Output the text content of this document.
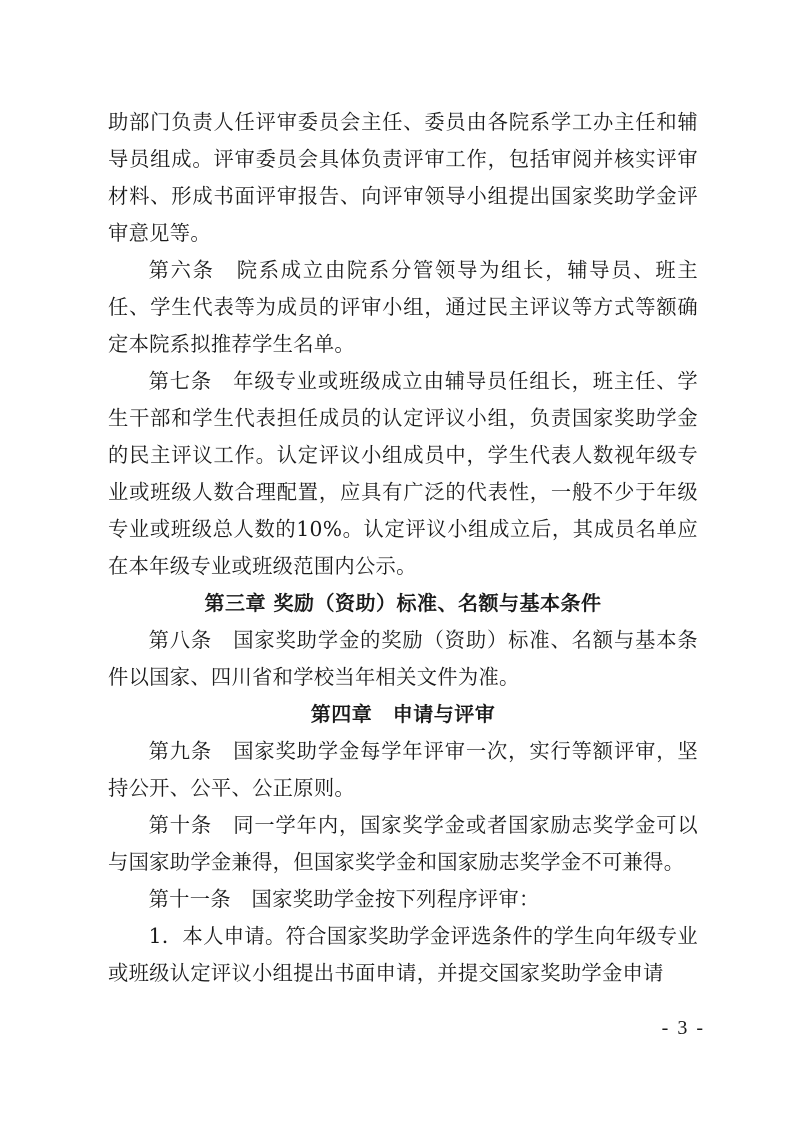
助部门负责人任评审委员会主任、委员由各院系学工办主任和辅导员组成。评审委员会具体负责评审工作，包括审阅并核实评审材料、形成书面评审报告、向评审领导小组提出国家奖助学金评审意见等。

第六条　院系成立由院系分管领导为组长，辅导员、班主任、学生代表等为成员的评审小组，通过民主评议等方式等额确定本院系拟推荐学生名单。

第七条　年级专业或班级成立由辅导员任组长，班主任、学生干部和学生代表担任成员的认定评议小组，负责国家奖助学金的民主评议工作。认定评议小组成员中，学生代表人数视年级专业或班级人数合理配置，应具有广泛的代表性，一般不少于年级专业或班级总人数的10%。认定评议小组成立后，其成员名单应在本年级专业或班级范围内公示。

第三章 奖励（资助）标准、名额与基本条件

第八条　国家奖助学金的奖励（资助）标准、名额与基本条件以国家、四川省和学校当年相关文件为准。

第四章　申请与评审

第九条　国家奖助学金每学年评审一次，实行等额评审，坚持公开、公平、公正原则。

第十条　同一学年内，国家奖学金或者国家励志奖学金可以与国家助学金兼得，但国家奖学金和国家励志奖学金不可兼得。

第十一条　国家奖助学金按下列程序评审：

1．本人申请。符合国家奖助学金评选条件的学生向年级专业或班级认定评议小组提出书面申请，并提交国家奖助学金申请

- 3 -
